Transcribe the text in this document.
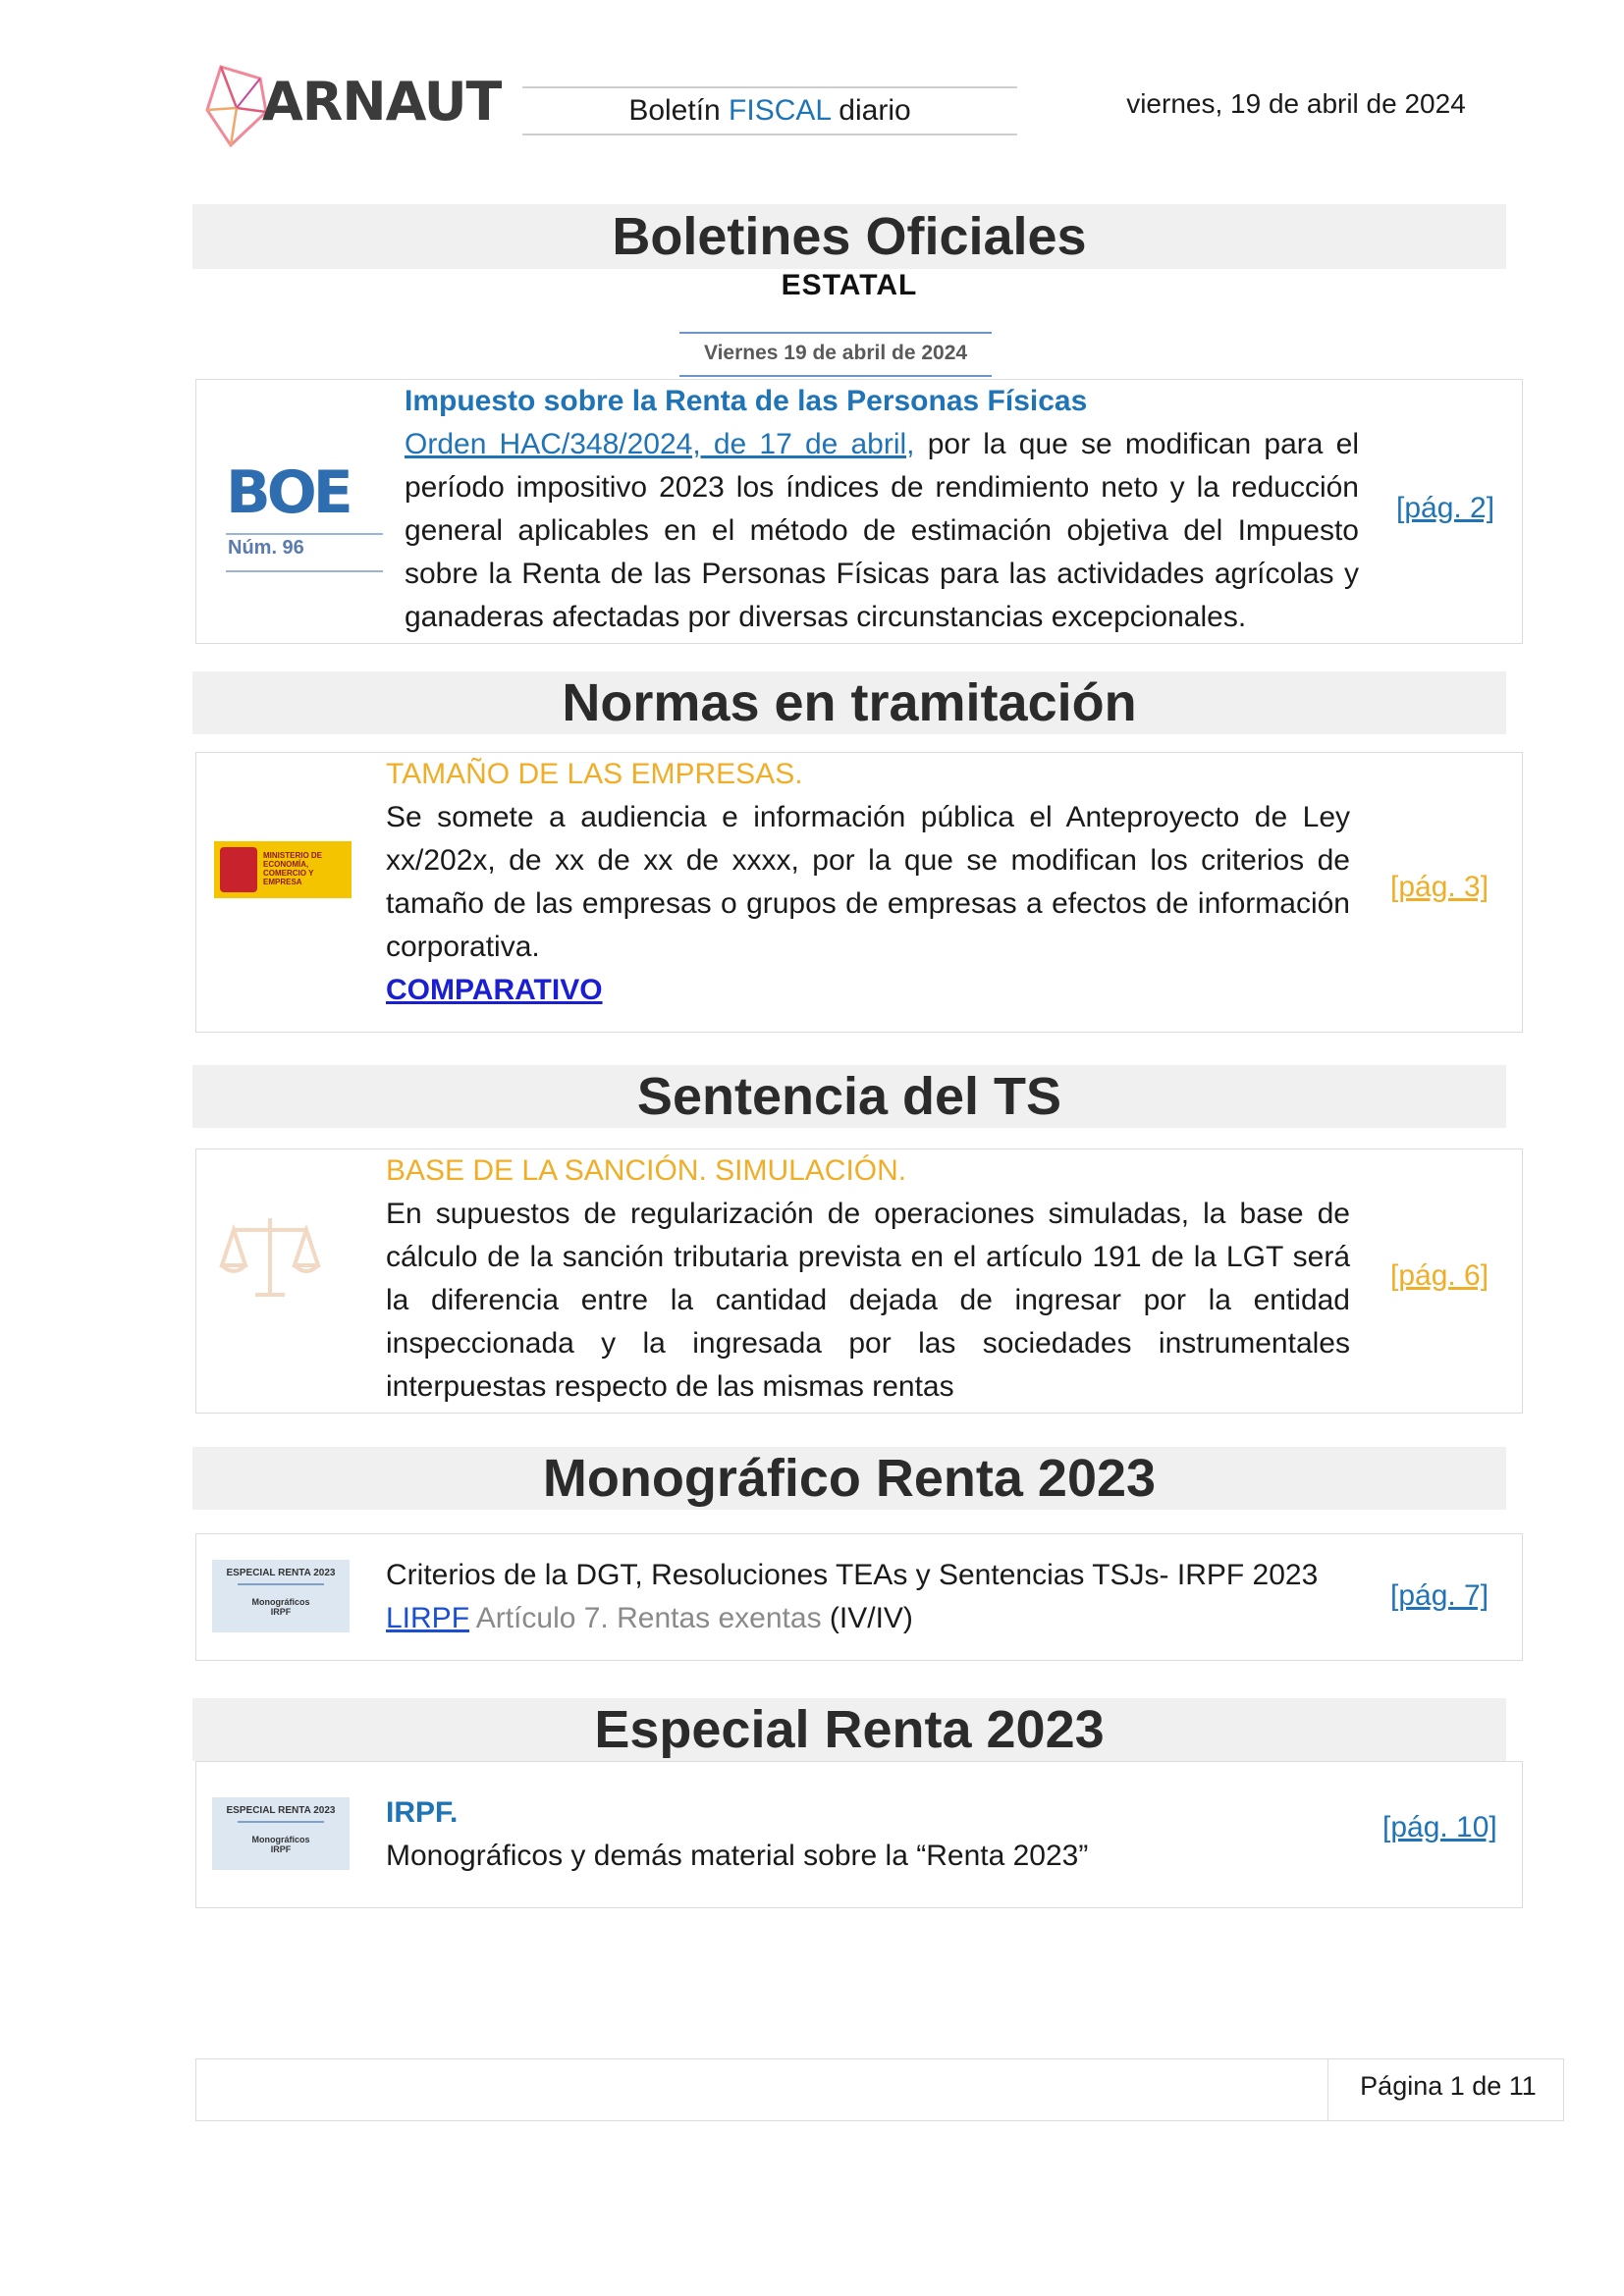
ARNAUT	Boletín FISCAL diario	viernes, 19 de abril de 2024
Boletines Oficiales
ESTATAL
Viernes 19 de abril de 2024
BOE
Núm. 96
Impuesto sobre la Renta de las Personas Físicas
Orden HAC/348/2024, de 17 de abril, por la que se modifican para el período impositivo 2023 los índices de rendimiento neto y la reducción general aplicables en el método de estimación objetiva del Impuesto sobre la Renta de las Personas Físicas para las actividades agrícolas y ganaderas afectadas por diversas circunstancias excepcionales.
[pág. 2]
Normas en tramitación
MINISTERIO DE ECONOMÍA, COMERCIO Y EMPRESA
TAMAÑO DE LAS EMPRESAS.
Se somete a audiencia e información pública el Anteproyecto de Ley xx/202x, de xx de xx de xxxx, por la que se modifican los criterios de tamaño de las empresas o grupos de empresas a efectos de información corporativa.
COMPARATIVO
[pág. 3]
Sentencia del TS
BASE DE LA SANCIÓN. SIMULACIÓN.
En supuestos de regularización de operaciones simuladas, la base de cálculo de la sanción tributaria prevista en el artículo 191 de la LGT será la diferencia entre la cantidad dejada de ingresar por la entidad inspeccionada y la ingresada por las sociedades instrumentales interpuestas respecto de las mismas rentas
[pág. 6]
Monográfico Renta 2023
ESPECIAL RENTA 2023
Monográficos
IRPF
Criterios de la DGT, Resoluciones TEAs y Sentencias TSJs- IRPF 2023
LIRPF Artículo 7. Rentas exentas (IV/IV)
[pág. 7]
Especial Renta 2023
ESPECIAL RENTA 2023
Monográficos
IRPF
IRPF.
Monográficos y demás material sobre la “Renta 2023”
[pág. 10]
Página 1 de 11
